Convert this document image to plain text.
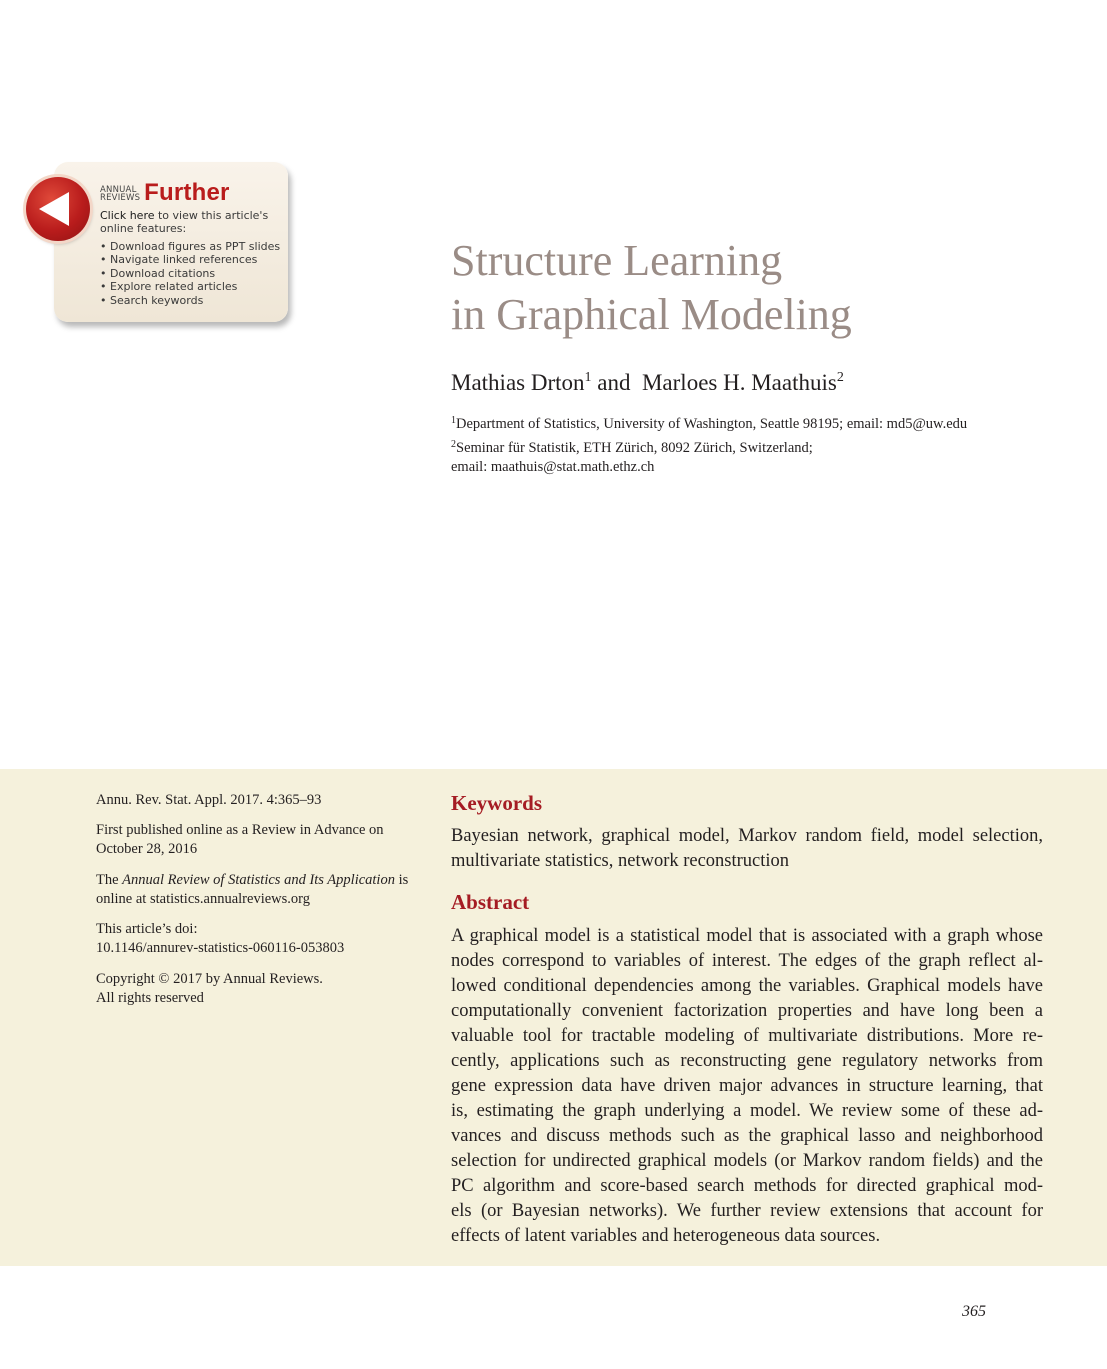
ANNUAL
REVIEWS Further
Click here to view this article's
online features:
• Download figures as PPT slides
• Navigate linked references
• Download citations
• Explore related articles
• Search keywords
Structure Learning
in Graphical Modeling
Mathias Drton$^1$ and Marloes H. Maathuis$^2$
$^1$Department of Statistics, University of Washington, Seattle 98195; email: md5@uw.edu
$^2$Seminar für Statistik, ETH Zürich, 8092 Zürich, Switzerland;
email: maathuis@stat.math.ethz.ch
Annu. Rev. Stat. Appl. 2017. 4:365–93
First published online as a Review in Advance on
October 28, 2016
The Annual Review of Statistics and Its Application is
online at statistics.annualreviews.org
This article’s doi:
10.1146/annurev-statistics-060116-053803
Copyright © 2017 by Annual Reviews.
All rights reserved
Keywords
Bayesian network, graphical model, Markov random field, model selection, multivariate statistics, network reconstruction
Abstract
A graphical model is a statistical model that is associated with a graph whose
nodes correspond to variables of interest. The edges of the graph reflect al-
lowed conditional dependencies among the variables. Graphical models have
computationally convenient factorization properties and have long been a
valuable tool for tractable modeling of multivariate distributions. More re-
cently, applications such as reconstructing gene regulatory networks from
gene expression data have driven major advances in structure learning, that
is, estimating the graph underlying a model. We review some of these ad-
vances and discuss methods such as the graphical lasso and neighborhood
selection for undirected graphical models (or Markov random fields) and the
PC algorithm and score-based search methods for directed graphical mod-
els (or Bayesian networks). We further review extensions that account for
effects of latent variables and heterogeneous data sources.
365
